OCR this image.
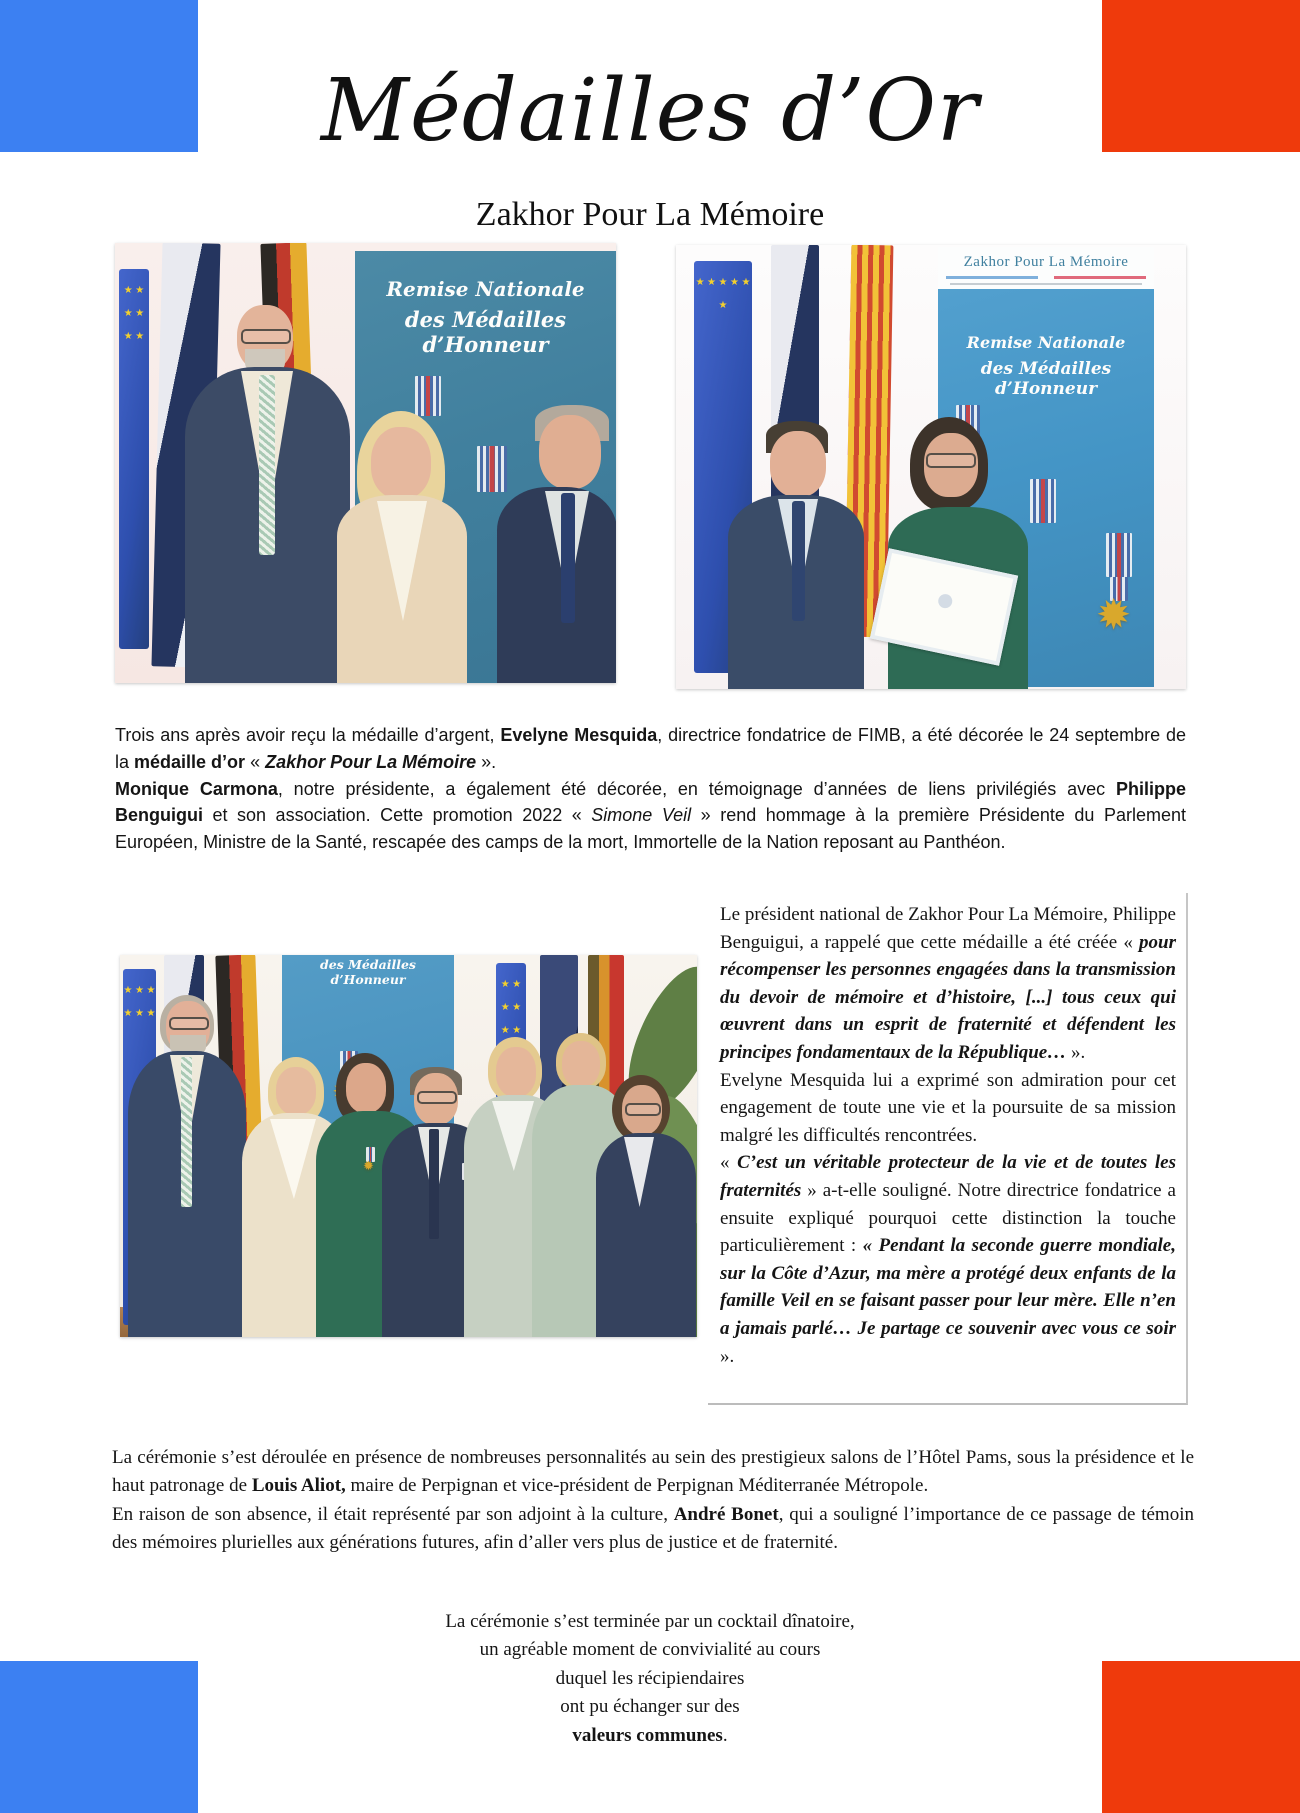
Médailles d’Or
Zakhor Pour La Mémoire
★ ★ ★ ★ ★ ★
Remise Nationale
des Médailles d’Honneur
★ ★ ★ ★ ★ ★
Zakhor Pour La Mémoire
Remise Nationale
des Médailles d’Honneur
✹

Trois ans après avoir reçu la médaille d’argent, Evelyne Mesquida, directrice fondatrice de FIMB, a été décorée le 24 septembre de la médaille d’or « Zakhor Pour La Mémoire ».

Monique Carmona, notre présidente, a également été décorée, en témoignage d’années de liens privilégiés avec Philippe Benguigui et son association. Cette promotion 2022 « Simone Veil » rend hommage à la première Présidente du Parlement Européen, Ministre de la Santé, rescapée des camps de la mort, Immortelle de la Nation reposant au Panthéon.

★ ★ ★ ★ ★ ★
des Médailles d’Honneur
✹
★ ★ ★ ★ ★ ★
✹

Le président national de Zakhor Pour La Mémoire, Philippe Benguigui, a rappelé que cette médaille a été créée « pour récompenser les personnes engagées dans la transmission du devoir de mémoire et d’histoire, [...] tous ceux qui œuvrent dans un esprit de fraternité et défendent les principes fondamentaux de la République… ».

Evelyne Mesquida lui a exprimé son admiration pour cet engagement de toute une vie et la poursuite de sa mission malgré les difficultés rencontrées.

« C’est un véritable protecteur de la vie et de toutes les fraternités » a-t-elle souligné. Notre directrice fondatrice a ensuite expliqué pourquoi cette distinction la touche particulièrement : « Pendant la seconde guerre mondiale, sur la Côte d’Azur, ma mère a protégé deux enfants de la famille Veil en se faisant passer pour leur mère. Elle n’en a jamais parlé… Je partage ce souvenir avec vous ce soir ».

La cérémonie s’est déroulée en présence de nombreuses personnalités au sein des prestigieux salons de l’Hôtel Pams, sous la présidence et le haut patronage de Louis Aliot, maire de Perpignan et vice-président de Perpignan Méditerranée Métropole.

En raison de son absence, il était représenté par son adjoint à la culture, André Bonet, qui a souligné l’importance de ce passage de témoin des mémoires plurielles aux générations futures, afin d’aller vers plus de justice et de fraternité.

La cérémonie s’est terminée par un cocktail dînatoire,

un agréable moment de convivialité au cours

duquel les récipiendaires

ont pu échanger sur des

valeurs communes.
